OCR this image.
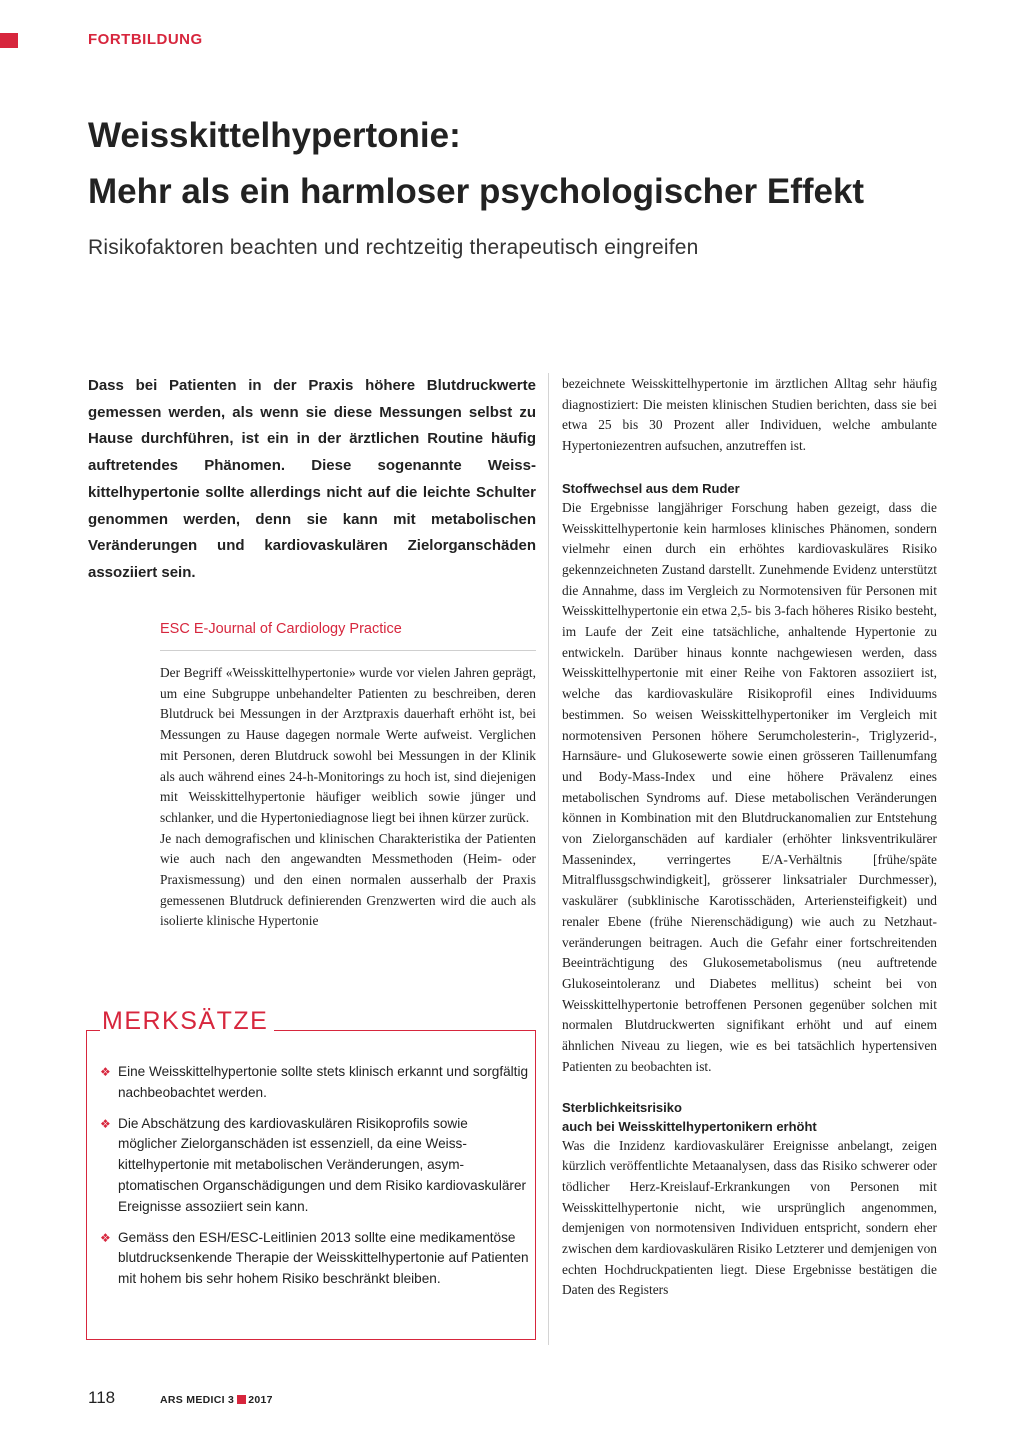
FORTBILDUNG
Weisskittelhypertonie:
Mehr als ein harmloser psychologischer Effekt
Risikofaktoren beachten und rechtzeitig therapeutisch eingreifen

Dass bei Patienten in der Praxis höhere Blutdruckwerte gemessen werden, als wenn sie diese Messungen selbst zu Hause durchführen, ist ein in der ärztlichen Routine häufig auftretendes Phänomen. Diese sogenannte Weisskittelhypertonie sollte allerdings nicht auf die leichte Schulter genommen werden, denn sie kann mit metabolischen Veränderungen und kardiovaskulären Zielorganschäden assoziiert sein.

ESC E-Journal of Cardiology Practice

Der Begriff «Weisskittelhypertonie» wurde vor vielen Jahren geprägt, um eine Subgruppe unbehandelter Patienten zu beschreiben, deren Blutdruck bei Messungen in der Arztpraxis dauerhaft erhöht ist, bei Messungen zu Hause dagegen normale Werte aufweist. Verglichen mit Personen, deren Blutdruck sowohl bei Messungen in der Klinik als auch während eines 24-h-Monitorings zu hoch ist, sind diejenigen mit Weisskittelhypertonie häufiger weiblich sowie jünger und schlanker, und die Hypertoniediagnose liegt bei ihnen kürzer zurück.

Je nach demografischen und klinischen Charakteristika der Patienten wie auch nach den angewandten Messmethoden (Heim- oder Praxismessung) und den einen normalen ausserhalb der Praxis gemessenen Blutdruck definierenden Grenzwerten wird die auch als isolierte klinische Hypertonie

MERKSÄTZE
❖ Eine Weisskittelhypertonie sollte stets klinisch erkannt und sorgfältig nachbeobachtet werden.
❖ Die Abschätzung des kardiovaskulären Risikoprofils sowie möglicher Zielorganschäden ist essenziell, da eine Weisskittelhypertonie mit metabolischen Veränderungen, asymptomatischen Organschädigungen und dem Risiko kardiovaskulärer Ereignisse assoziiert sein kann.
❖ Gemäss den ESH/ESC-Leitlinien 2013 sollte eine medikamentöse blutdrucksenkende Therapie der Weisskittelhypertonie auf Patienten mit hohem bis sehr hohem Risiko beschränkt bleiben.

bezeichnete Weisskittelhypertonie im ärztlichen Alltag sehr häufig diagnostiziert: Die meisten klinischen Studien berichten, dass sie bei etwa 25 bis 30 Prozent aller Individuen, welche ambulante Hypertoniezentren aufsuchen, anzutreffen ist.

Stoffwechsel aus dem Ruder

Die Ergebnisse langjähriger Forschung haben gezeigt, dass die Weisskittelhypertonie kein harmloses klinisches Phänomen, sondern vielmehr einen durch ein erhöhtes kardiovaskuläres Risiko gekennzeichneten Zustand darstellt. Zunehmende Evidenz unterstützt die Annahme, dass im Vergleich zu Normotensiven für Personen mit Weisskittelhypertonie ein etwa 2,5- bis 3-fach höheres Risiko besteht, im Laufe der Zeit eine tatsächliche, anhaltende Hypertonie zu entwickeln. Darüber hinaus konnte nachgewiesen werden, dass Weisskittelhypertonie mit einer Reihe von Faktoren assoziiert ist, welche das kardiovaskuläre Risikoprofil eines Individuums bestimmen. So weisen Weisskittelhypertoniker im Vergleich mit normotensiven Personen höhere Serumcholesterin-, Triglyzerid-, Harnsäure- und Glukosewerte sowie einen grösseren Taillenumfang und Body-Mass-Index und eine höhere Prävalenz eines metabolischen Syndroms auf. Diese metabolischen Veränderungen können in Kombination mit den Blutdruckanomalien zur Entstehung von Zielorganschäden auf kardialer (erhöhter linksventrikulärer Massenindex, verringertes E/A-Verhältnis [frühe/späte Mitralflussgschwindigkeit], grösserer linksatrialer Durchmesser), vaskulärer (subklinische Karotisschäden, Arteriensteifigkeit) und renaler Ebene (frühe Nierenschädigung) wie auch zu Netzhautveränderungen beitragen. Auch die Gefahr einer fortschreitenden Beeinträchtigung des Glukosemetabolismus (neu auftretende Glukoseintoleranz und Diabetes mellitus) scheint bei von Weisskittelhypertonie betroffenen Personen gegenüber solchen mit normalen Blutdruckwerten signifikant erhöht und auf einem ähnlichen Niveau zu liegen, wie es bei tatsächlich hypertensiven Patienten zu beobachten ist.

Sterblichkeitsrisiko
auch bei Weisskittelhypertonikern erhöht

Was die Inzidenz kardiovaskulärer Ereignisse anbelangt, zeigen kürzlich veröffentlichte Metaanalysen, dass das Risiko schwerer oder tödlicher Herz-Kreislauf-Erkrankungen von Personen mit Weisskittelhypertonie nicht, wie ursprünglich angenommen, demjenigen von normotensiven Individuen entspricht, sondern eher zwischen dem kardiovaskulären Risiko Letzterer und demjenigen von echten Hochdruckpatienten liegt. Diese Ergebnisse bestätigen die Daten des Registers

118	ARS MEDICI 3 2017
